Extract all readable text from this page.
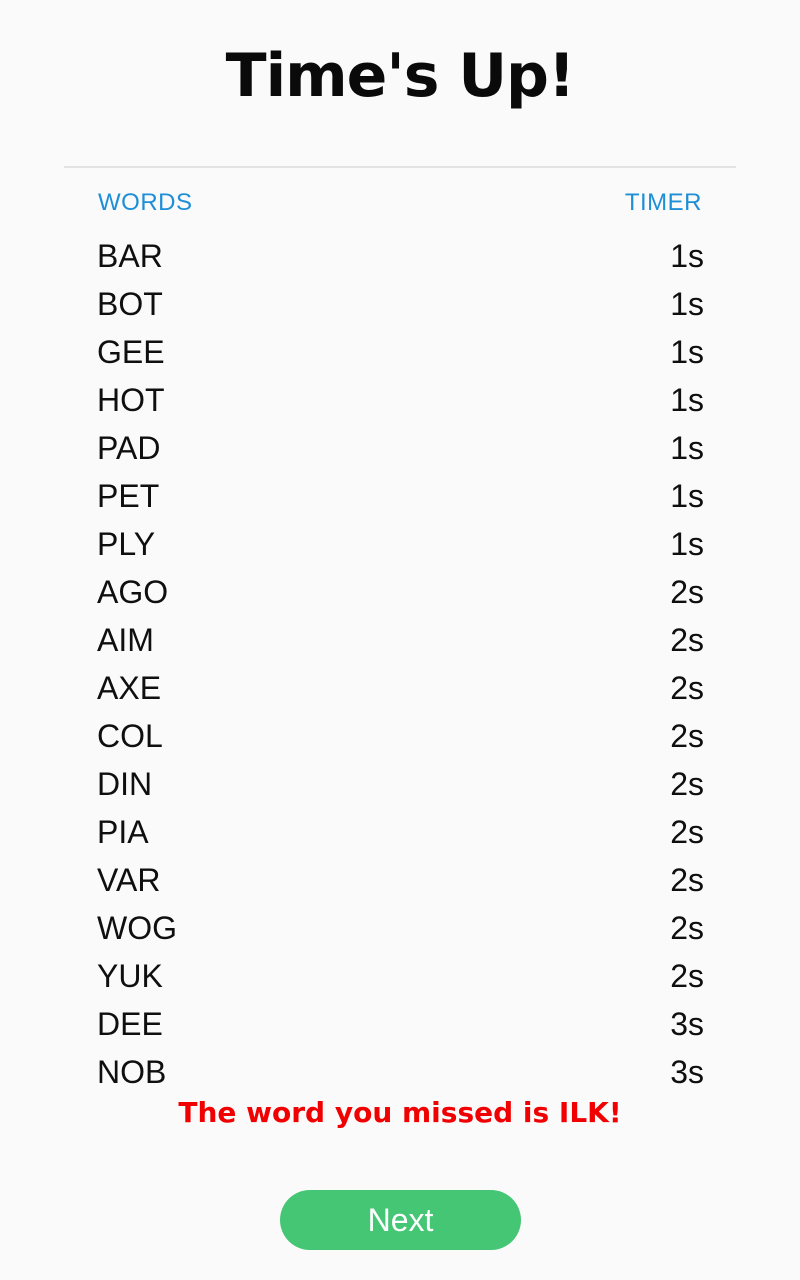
Time's Up!
WORDS	TIMER
BAR	1s
BOT	1s
GEE	1s
HOT	1s
PAD	1s
PET	1s
PLY	1s
AGO	2s
AIM	2s
AXE	2s
COL	2s
DIN	2s
PIA	2s
VAR	2s
WOG	2s
YUK	2s
DEE	3s
NOB	3s
The word you missed is ILK!
Next
